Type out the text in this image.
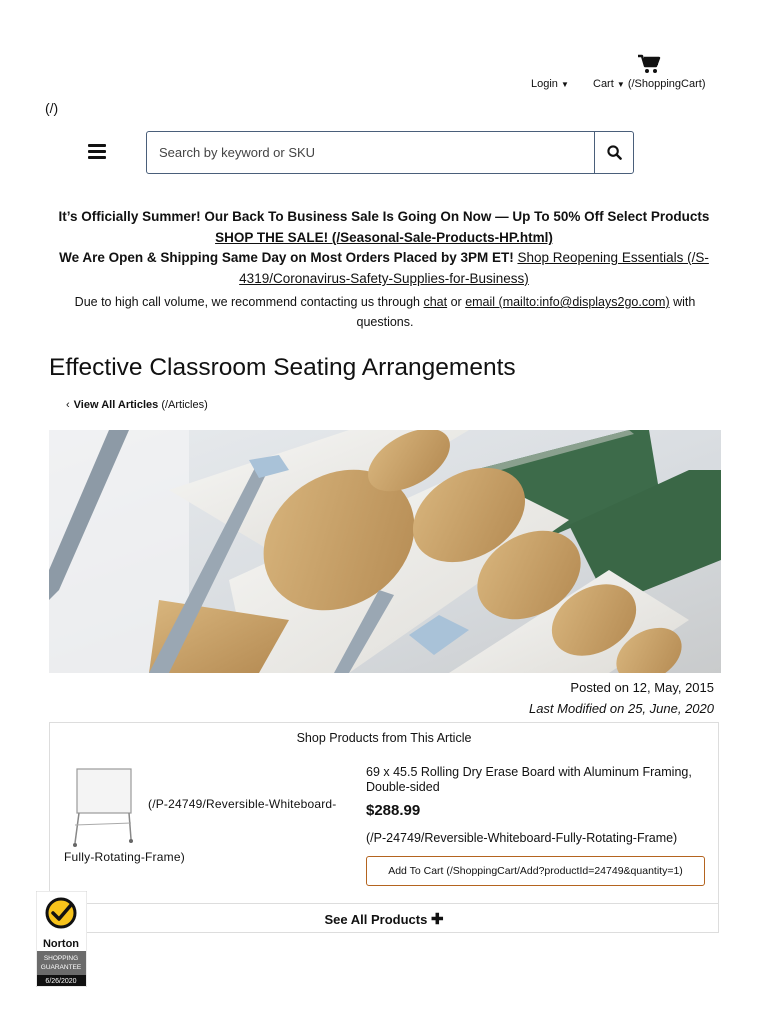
Login ▼ Cart ▼ (/ShoppingCart)
(/)
Search by keyword or SKU
It’s Officially Summer! Our Back To Business Sale Is Going On Now — Up To 50% Off Select Products SHOP THE SALE! (/Seasonal-Sale-Products-HP.html)
We Are Open & Shipping Same Day on Most Orders Placed by 3PM ET! Shop Reopening Essentials (/S-4319/Coronavirus-Safety-Supplies-for-Business)
Due to high call volume, we recommend contacting us through chat or email (mailto:info@displays2go.com) with questions.
Effective Classroom Seating Arrangements
‹ View All Articles (/Articles)
Posted on 12, May, 2015
Last Modified on 25, June, 2020
Shop Products from This Article
(/P-24749/Reversible-Whiteboard-
Fully-Rotating-Frame)
69 x 45.5 Rolling Dry Erase Board with Aluminum Framing, Double-sided
$288.99
(/P-24749/Reversible-Whiteboard-Fully-Rotating-Frame)
Add To Cart (/ShoppingCart/Add?productId=24749&quantity=1)
See All Products
✚
Norton
SHOPPING
GUARANTEE
6/26/2020
